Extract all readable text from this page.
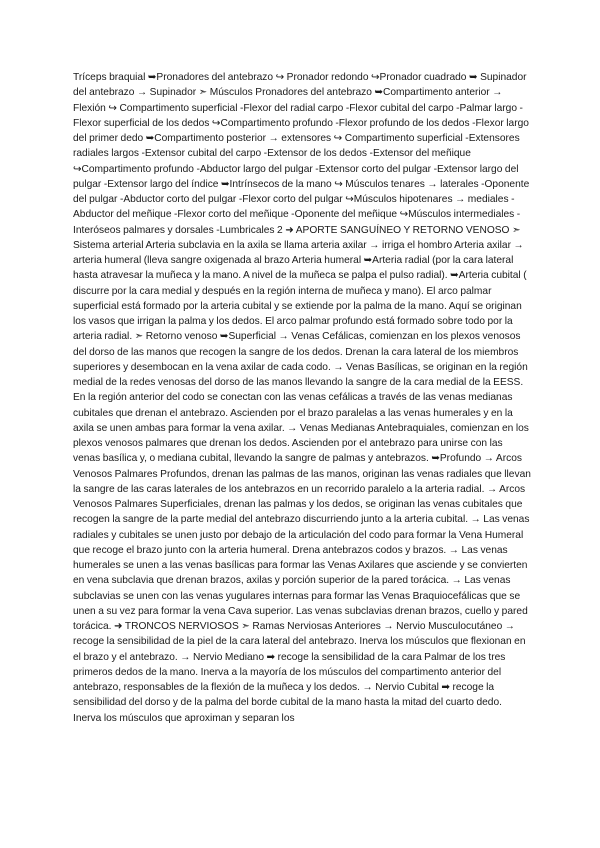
Tríceps braquial ➥Pronadores del antebrazo ↪ Pronador redondo ↪Pronador cuadrado ➥ Supinador del antebrazo → Supinador ➣ Músculos Pronadores del antebrazo ➥Compartimento anterior → Flexión ↪ Compartimento superficial -Flexor del radial carpo -Flexor cubital del carpo -Palmar largo -Flexor superficial de los dedos ↪Compartimento profundo -Flexor profundo de los dedos -Flexor largo del primer dedo ➥Compartimento posterior → extensores ↪ Compartimento superficial -Extensores radiales largos -Extensor cubital del carpo -Extensor de los dedos -Extensor del meñique ↪Compartimento profundo -Abductor largo del pulgar -Extensor corto del pulgar -Extensor largo del pulgar -Extensor largo del índice ➥Intrínsecos de la mano ↪ Músculos tenares → laterales -Oponente del pulgar -Abductor corto del pulgar -Flexor corto del pulgar ↪Músculos hipotenares → mediales -Abductor del meñique -Flexor corto del meñique -Oponente del meñique ↪Músculos intermediales -Interóseos palmares y dorsales -Lumbricales 2 ➜ APORTE SANGUÍNEO Y RETORNO VENOSO ➣ Sistema arterial Arteria subclavia en la axila se llama arteria axilar → irriga el hombro Arteria axilar → arteria humeral (lleva sangre oxigenada al brazo Arteria humeral ➥Arteria radial (por la cara lateral hasta atravesar la muñeca y la mano. A nivel de la muñeca se palpa el pulso radial). ➥Arteria cubital ( discurre por la cara medial y después en la región interna de muñeca y mano). El arco palmar superficial está formado por la arteria cubital y se extiende por la palma de la mano. Aquí se originan los vasos que irrigan la palma y los dedos. El arco palmar profundo está formado sobre todo por la arteria radial. ➣ Retorno venoso ➥Superficial → Venas Cefálicas, comienzan en los plexos venosos del dorso de las manos que recogen la sangre de los dedos. Drenan la cara lateral de los miembros superiores y desembocan en la vena axilar de cada codo. → Venas Basílicas, se originan en la región medial de la redes venosas del dorso de las manos llevando la sangre de la cara medial de la EESS. En la región anterior del codo se conectan con las venas cefálicas a través de las venas medianas cubitales que drenan el antebrazo. Ascienden por el brazo paralelas a las venas humerales y en la axila se unen ambas para formar la vena axilar. → Venas Medianas Antebraquiales, comienzan en los plexos venosos palmares que drenan los dedos. Ascienden por el antebrazo para unirse con las venas basílica y, o mediana cubital, llevando la sangre de palmas y antebrazos. ➥Profundo → Arcos Venosos Palmares Profundos, drenan las palmas de las manos, originan las venas radiales que llevan la sangre de las caras laterales de los antebrazos en un recorrido paralelo a la arteria radial. → Arcos Venosos Palmares Superficiales, drenan las palmas y los dedos, se originan las venas cubitales que recogen la sangre de la parte medial del antebrazo discurriendo junto a la arteria cubital. → Las venas radiales y cubitales se unen justo por debajo de la articulación del codo para formar la Vena Humeral que recoge el brazo junto con la arteria humeral. Drena antebrazos codos y brazos. → Las venas humerales se unen a las venas basílicas para formar las Venas Axilares que asciende y se convierten en vena subclavia que drenan brazos, axilas y porción superior de la pared torácica. → Las venas subclavias se unen con las venas yugulares internas para formar las Venas Braquiocefálicas que se unen a su vez para formar la vena Cava superior. Las venas subclavias drenan brazos, cuello y pared torácica. ➜ TRONCOS NERVIOSOS ➣ Ramas Nerviosas Anteriores → Nervio Musculocutáneo → recoge la sensibilidad de la piel de la cara lateral del antebrazo. Inerva los músculos que flexionan en el brazo y el antebrazo. → Nervio Mediano ➡ recoge la sensibilidad de la cara Palmar de los tres primeros dedos de la mano. Inerva a la mayoría de los músculos del compartimento anterior del antebrazo, responsables de la flexión de la muñeca y los dedos. → Nervio Cubital ➡ recoge la sensibilidad del dorso y de la palma del borde cubital de la mano hasta la mitad del cuarto dedo. Inerva los músculos que aproximan y separan los
